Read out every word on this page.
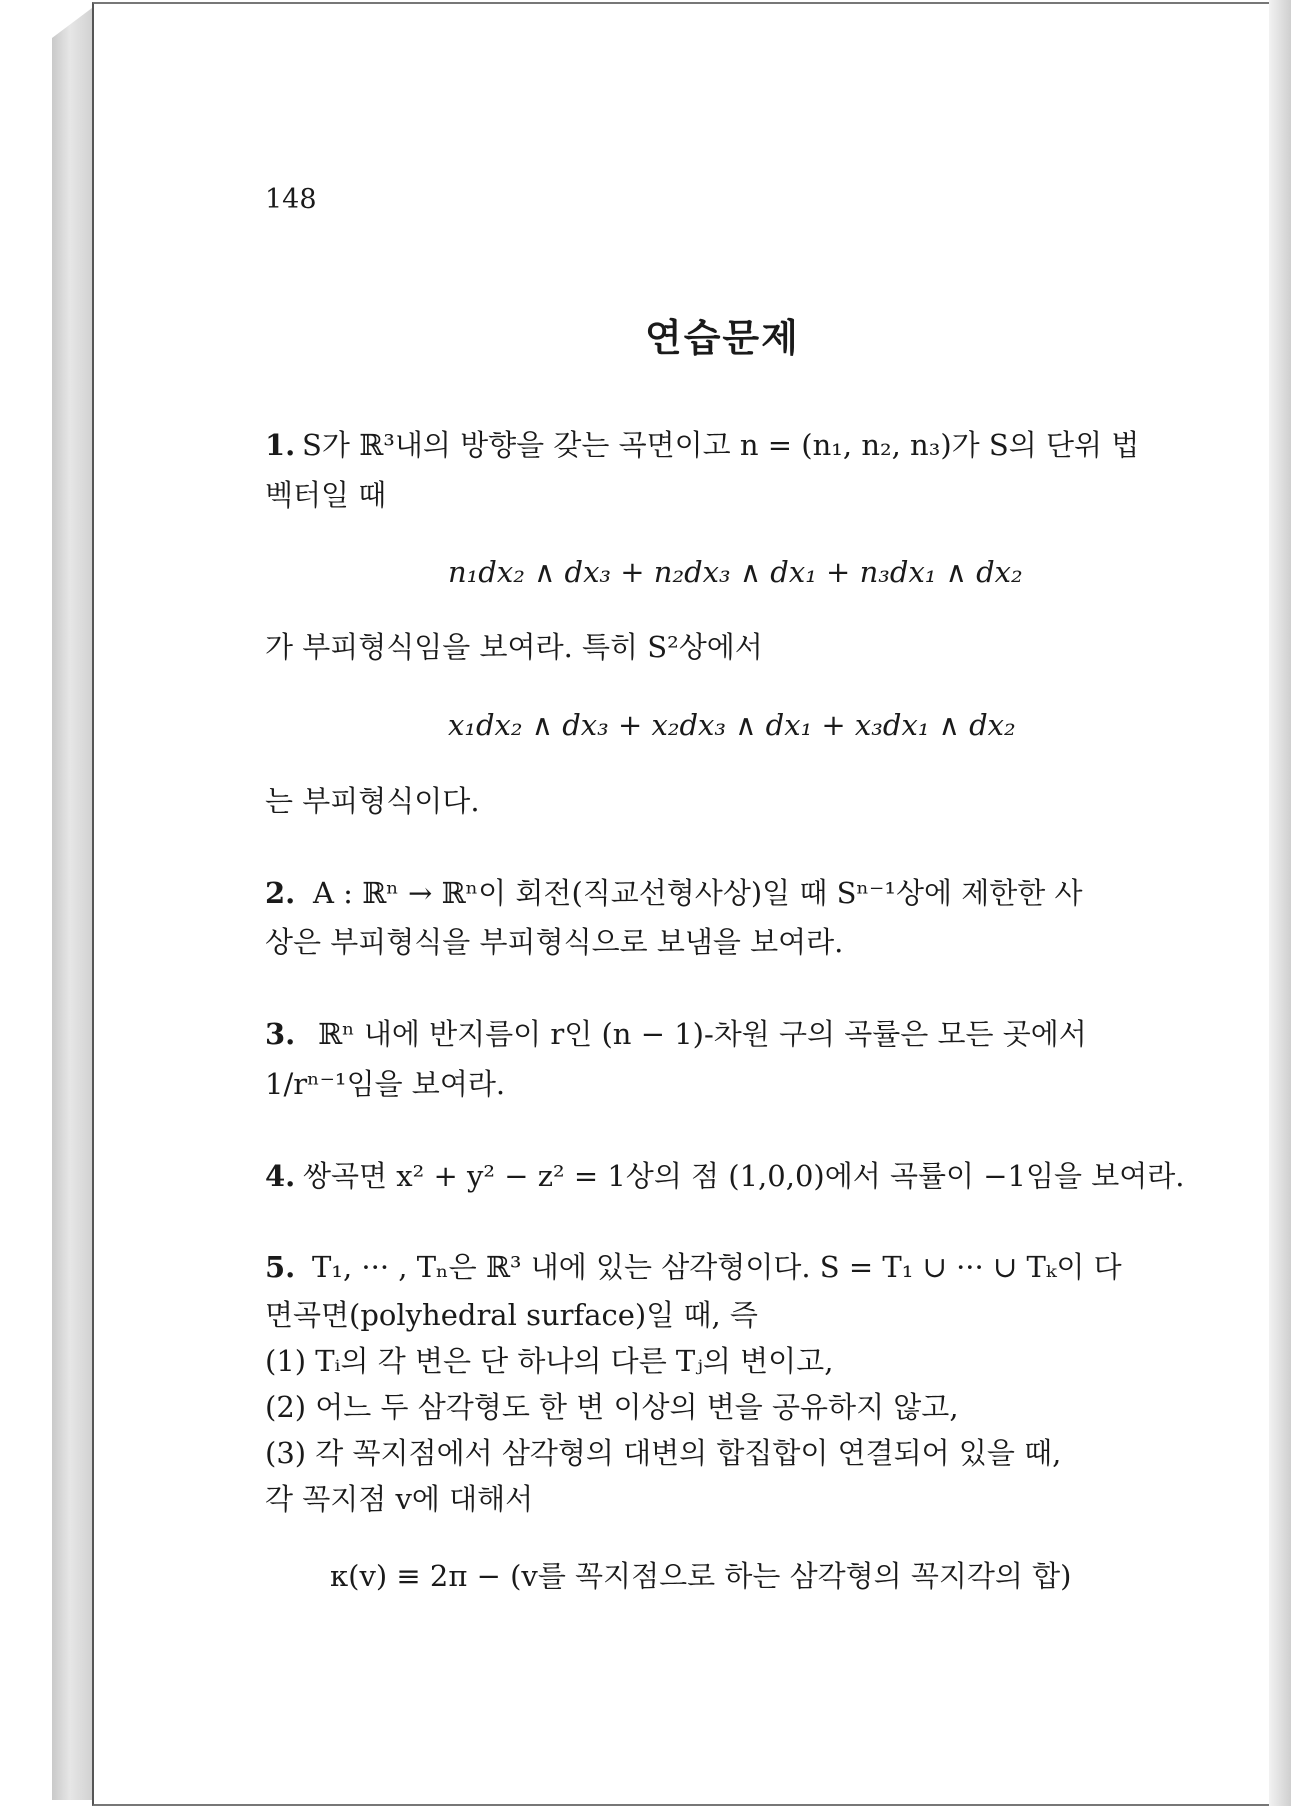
148
연습문제
1. S가 ℝ³내의 방향을 갖는 곡면이고 n = (n₁, n₂, n₃)가 S의 단위 법
벡터일 때
n₁dx₂ ∧ dx₃ + n₂dx₃ ∧ dx₁ + n₃dx₁ ∧ dx₂
가 부피형식임을 보여라. 특히 S²상에서
x₁dx₂ ∧ dx₃ + x₂dx₃ ∧ dx₁ + x₃dx₁ ∧ dx₂
는 부피형식이다.
2. A : ℝⁿ → ℝⁿ이 회전(직교선형사상)일 때 Sⁿ⁻¹상에 제한한 사
상은 부피형식을 부피형식으로 보냄을 보여라.
3. ℝⁿ 내에 반지름이 r인 (n − 1)-차원 구의 곡률은 모든 곳에서
1/rⁿ⁻¹임을 보여라.
4. 쌍곡면 x² + y² − z² = 1상의 점 (1,0,0)에서 곡률이 −1임을 보여라.
5. T₁, ··· , Tₙ은 ℝ³ 내에 있는 삼각형이다. S = T₁ ∪ ··· ∪ Tₖ이 다
면곡면(polyhedral surface)일 때, 즉
(1) Tᵢ의 각 변은 단 하나의 다른 Tⱼ의 변이고,
(2) 어느 두 삼각형도 한 변 이상의 변을 공유하지 않고,
(3) 각 꼭지점에서 삼각형의 대변의 합집합이 연결되어 있을 때,
각 꼭지점 v에 대해서
κ(v) ≡ 2π − (v를 꼭지점으로 하는 삼각형의 꼭지각의 합)
